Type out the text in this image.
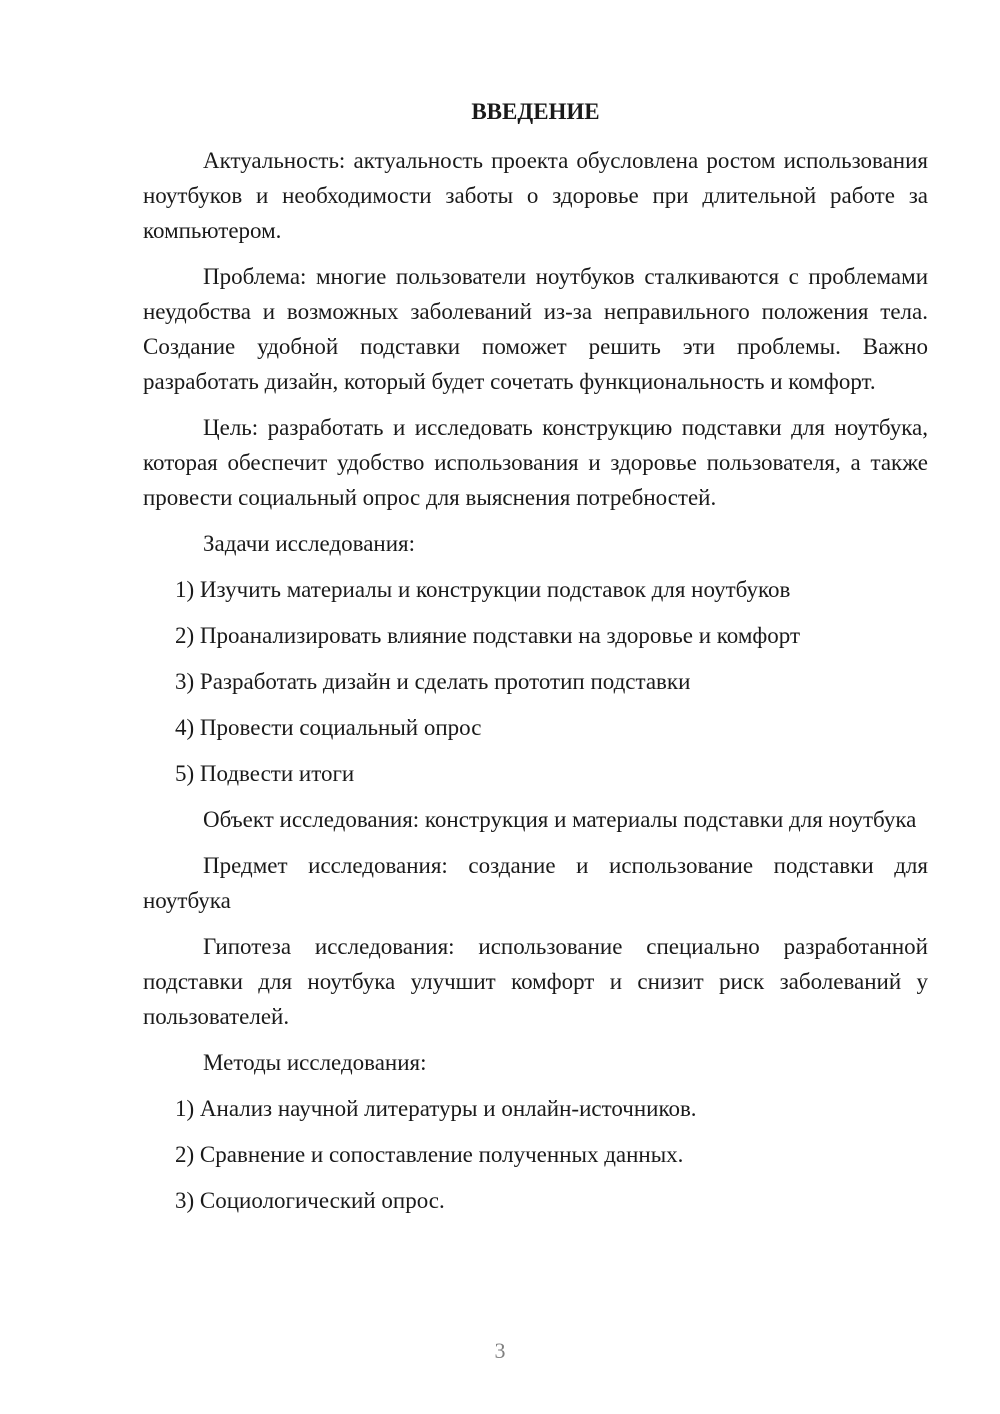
ВВЕДЕНИЕ

Актуальность: актуальность проекта обусловлена ростом использования ноутбуков и необходимости заботы о здоровье при длительной работе за компьютером.

Проблема: многие пользователи ноутбуков сталкиваются с проблемами неудобства и возможных заболеваний из-за неправильного положения тела. Создание удобной подставки поможет решить эти проблемы. Важно разработать дизайн, который будет сочетать функциональность и комфорт.

Цель: разработать и исследовать конструкцию подставки для ноутбука, которая обеспечит удобство использования и здоровье пользователя, а также провести социальный опрос для выяснения потребностей.

Задачи исследования:

1) Изучить материалы и конструкции подставок для ноутбуков

2) Проанализировать влияние подставки на здоровье и комфорт

3) Разработать дизайн и сделать прототип подставки

4) Провести социальный опрос

5) Подвести итоги

Объект исследования: конструкция и материалы подставки для ноутбука

Предмет исследования: создание и использование подставки для ноутбука

Гипотеза исследования: использование специально разработанной подставки для ноутбука улучшит комфорт и снизит риск заболеваний у пользователей.

Методы исследования:

1) Анализ научной литературы и онлайн-источников.

2) Сравнение и сопоставление полученных данных.

3) Социологический опрос.

3
